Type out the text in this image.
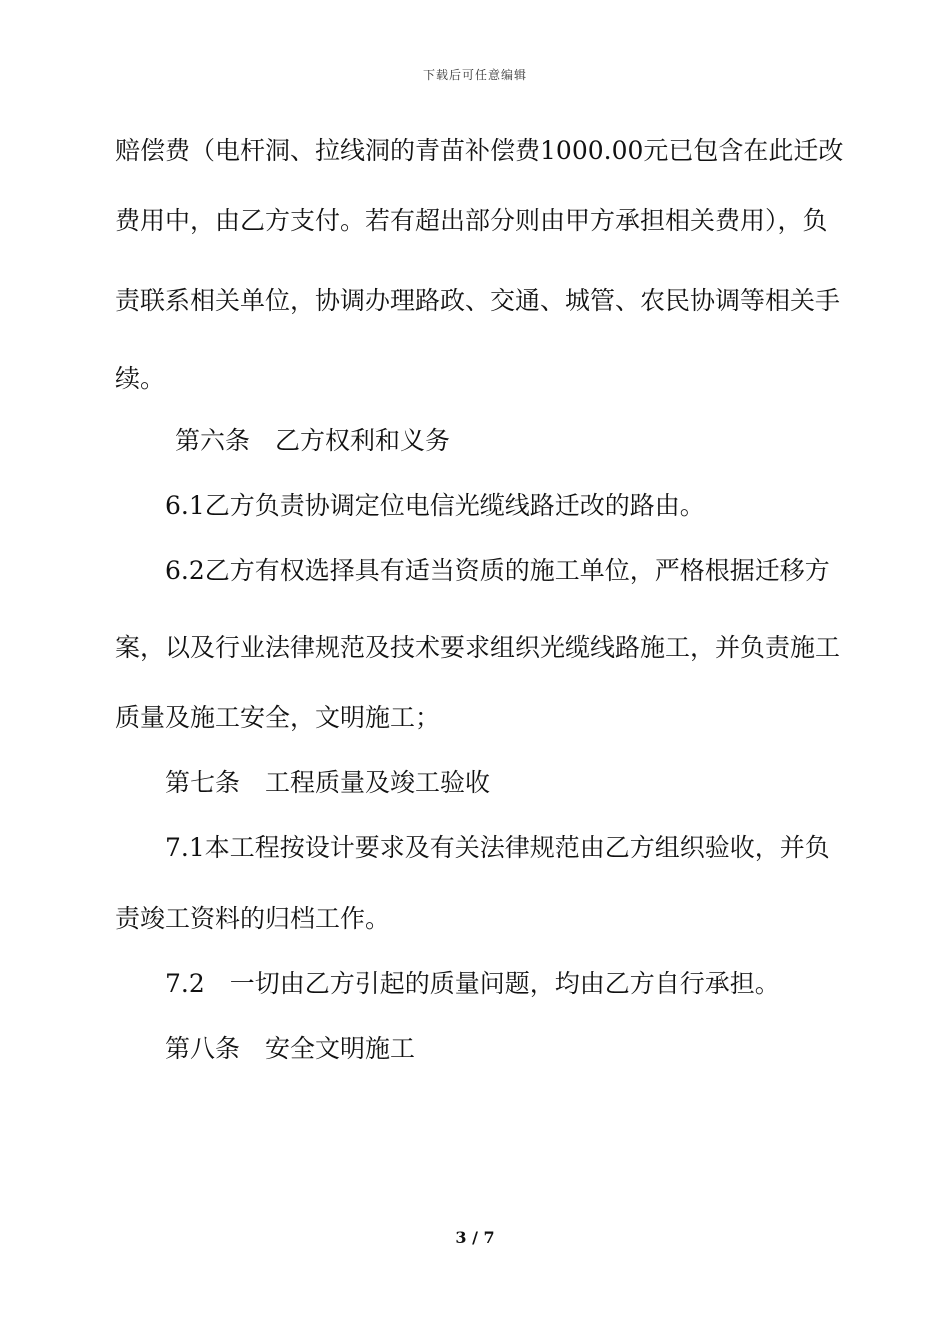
下载后可任意编辑
赔偿费（电杆洞、拉线洞的青苗补偿费1000.00元已包含在此迁改
费用中，由乙方支付。若有超出部分则由甲方承担相关费用），负
责联系相关单位，协调办理路政、交通、城管、农民协调等相关手
续。
第六条　乙方权利和义务
6.1乙方负责协调定位电信光缆线路迁改的路由。
6.2乙方有权选择具有适当资质的施工单位，严格根据迁移方
案，以及行业法律规范及技术要求组织光缆线路施工，并负责施工
质量及施工安全，文明施工；
第七条　工程质量及竣工验收
7.1本工程按设计要求及有关法律规范由乙方组织验收，并负
责竣工资料的归档工作。
7.2　一切由乙方引起的质量问题，均由乙方自行承担。
第八条　安全文明施工
3 / 7
